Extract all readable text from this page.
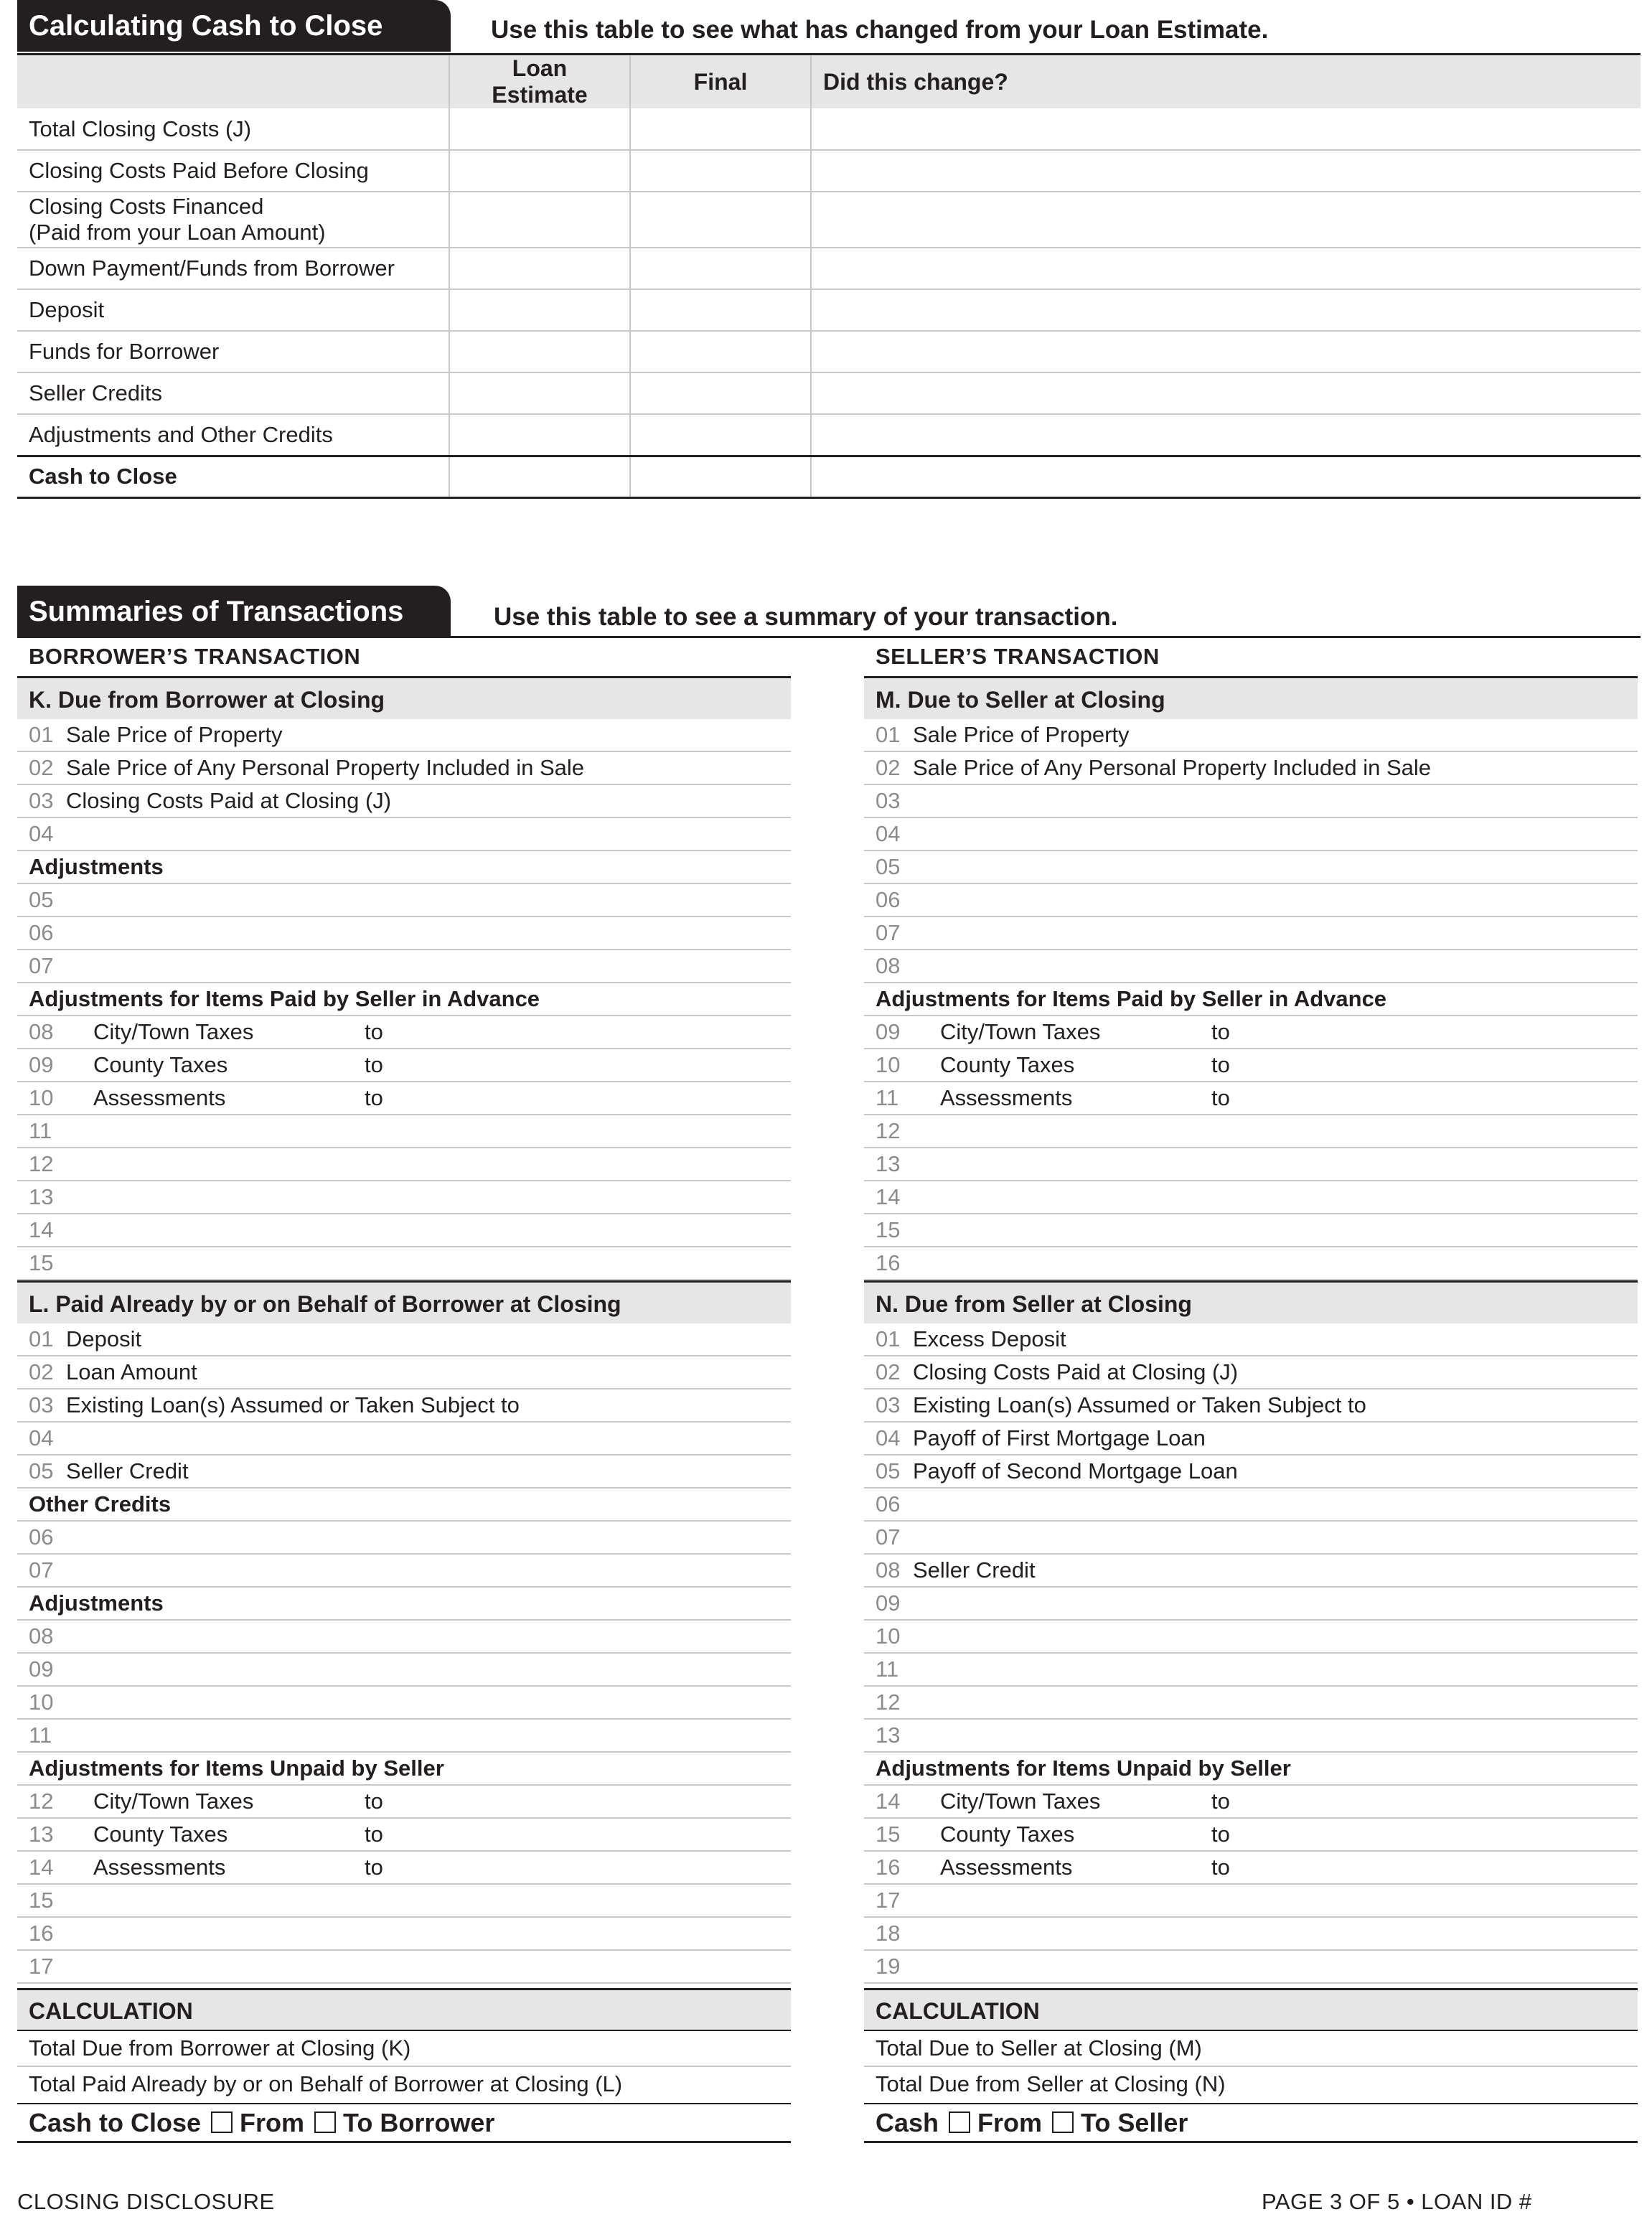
Calculating Cash to Close	Use this table to see what has changed from your Loan Estimate.
	Loan Estimate	Final	Did this change?

Total Closing Costs (J)			

Closing Costs Paid Before Closing			

Closing Costs Financed
(Paid from your Loan Amount)			

Down Payment/Funds from Borrower			

Deposit			

Funds for Borrower			

Seller Credits			

Adjustments and Other Credits			

Cash to Close			
Summaries of Transactions	Use this table to see a summary of your transaction.
BORROWER’S TRANSACTION
K. Due from Borrower at Closing
01 Sale Price of Property
02 Sale Price of Any Personal Property Included in Sale
03 Closing Costs Paid at Closing (J)
04
Adjustments
05
06
07
Adjustments for Items Paid by Seller in Advance
08 City/Town Taxes	to
09 County Taxes	to
10 Assessments	to
11
12
13
14
15
L. Paid Already by or on Behalf of Borrower at Closing
01 Deposit
02 Loan Amount
03 Existing Loan(s) Assumed or Taken Subject to
04
05 Seller Credit
Other Credits
06
07
Adjustments
08
09
10
11
Adjustments for Items Unpaid by Seller
12 City/Town Taxes	to
13 County Taxes	to
14 Assessments	to
15
16
17
CALCULATION
Total Due from Borrower at Closing (K)
Total Paid Already by or on Behalf of Borrower at Closing (L)
Cash to Close From To Borrower
SELLER’S TRANSACTION
M. Due to Seller at Closing
01 Sale Price of Property
02 Sale Price of Any Personal Property Included in Sale
03
04
05
06
07
08
Adjustments for Items Paid by Seller in Advance
09 City/Town Taxes	to
10 County Taxes	to
11 Assessments	to
12
13
14
15
16
N. Due from Seller at Closing
01 Excess Deposit
02 Closing Costs Paid at Closing (J)
03 Existing Loan(s) Assumed or Taken Subject to
04 Payoff of First Mortgage Loan
05 Payoff of Second Mortgage Loan
06
07
08 Seller Credit
09
10
11
12
13
Adjustments for Items Unpaid by Seller
14 City/Town Taxes	to
15 County Taxes	to
16 Assessments	to
17
18
19
CALCULATION
Total Due to Seller at Closing (M)
Total Due from Seller at Closing (N)
Cash From To Seller
CLOSING DISCLOSURE	PAGE 3 OF 5 • LOAN ID #
